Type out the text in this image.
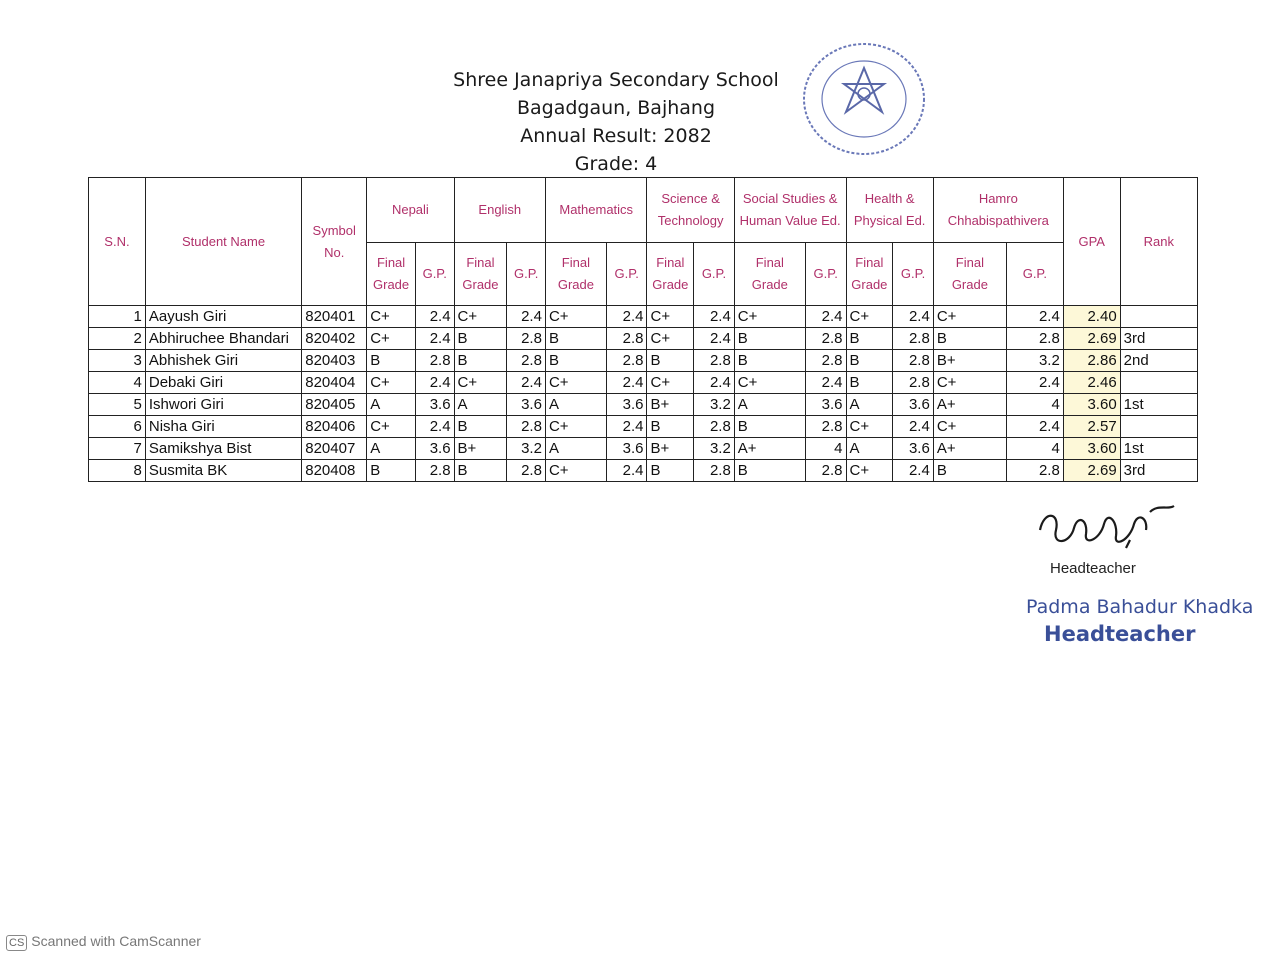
Shree Janapriya Secondary School
Bagadgaun, Bajhang
Annual Result: 2082
Grade: 4
S.N.	Student Name	Symbol No.	Nepali		English		Mathematics		Science & Technology		Social Studies & Human Value Ed.		Health & Physical Ed.		Hamro Chhabispathivera		GPA	Rank
			Final Grade	G.P.	Final Grade	G.P.	Final Grade	G.P.	Final Grade	G.P.	Final Grade	G.P.	Final Grade	G.P.	Final Grade	G.P.		
1	Aayush Giri	820401	C+	2.4	C+	2.4	C+	2.4	C+	2.4	C+	2.4	C+	2.4	C+	2.4	2.40	
2	Abhiruchee Bhandari	820402	C+	2.4	B	2.8	B	2.8	C+	2.4	B	2.8	B	2.8	B	2.8	2.69	3rd
3	Abhishek Giri	820403	B	2.8	B	2.8	B	2.8	B	2.8	B	2.8	B	2.8	B+	3.2	2.86	2nd
4	Debaki Giri	820404	C+	2.4	C+	2.4	C+	2.4	C+	2.4	C+	2.4	B	2.8	C+	2.4	2.46	
5	Ishwori Giri	820405	A	3.6	A	3.6	A	3.6	B+	3.2	A	3.6	A	3.6	A+	4	3.60	1st
6	Nisha Giri	820406	C+	2.4	B	2.8	C+	2.4	B	2.8	B	2.8	C+	2.4	C+	2.4	2.57	
7	Samikshya Bist	820407	A	3.6	B+	3.2	A	3.6	B+	3.2	A+	4	A	3.6	A+	4	3.60	1st
8	Susmita BK	820408	B	2.8	B	2.8	C+	2.4	B	2.8	B	2.8	C+	2.4	B	2.8	2.69	3rd
Headteacher
Padma Bahadur Khadka
Headteacher
CS Scanned with CamScanner
